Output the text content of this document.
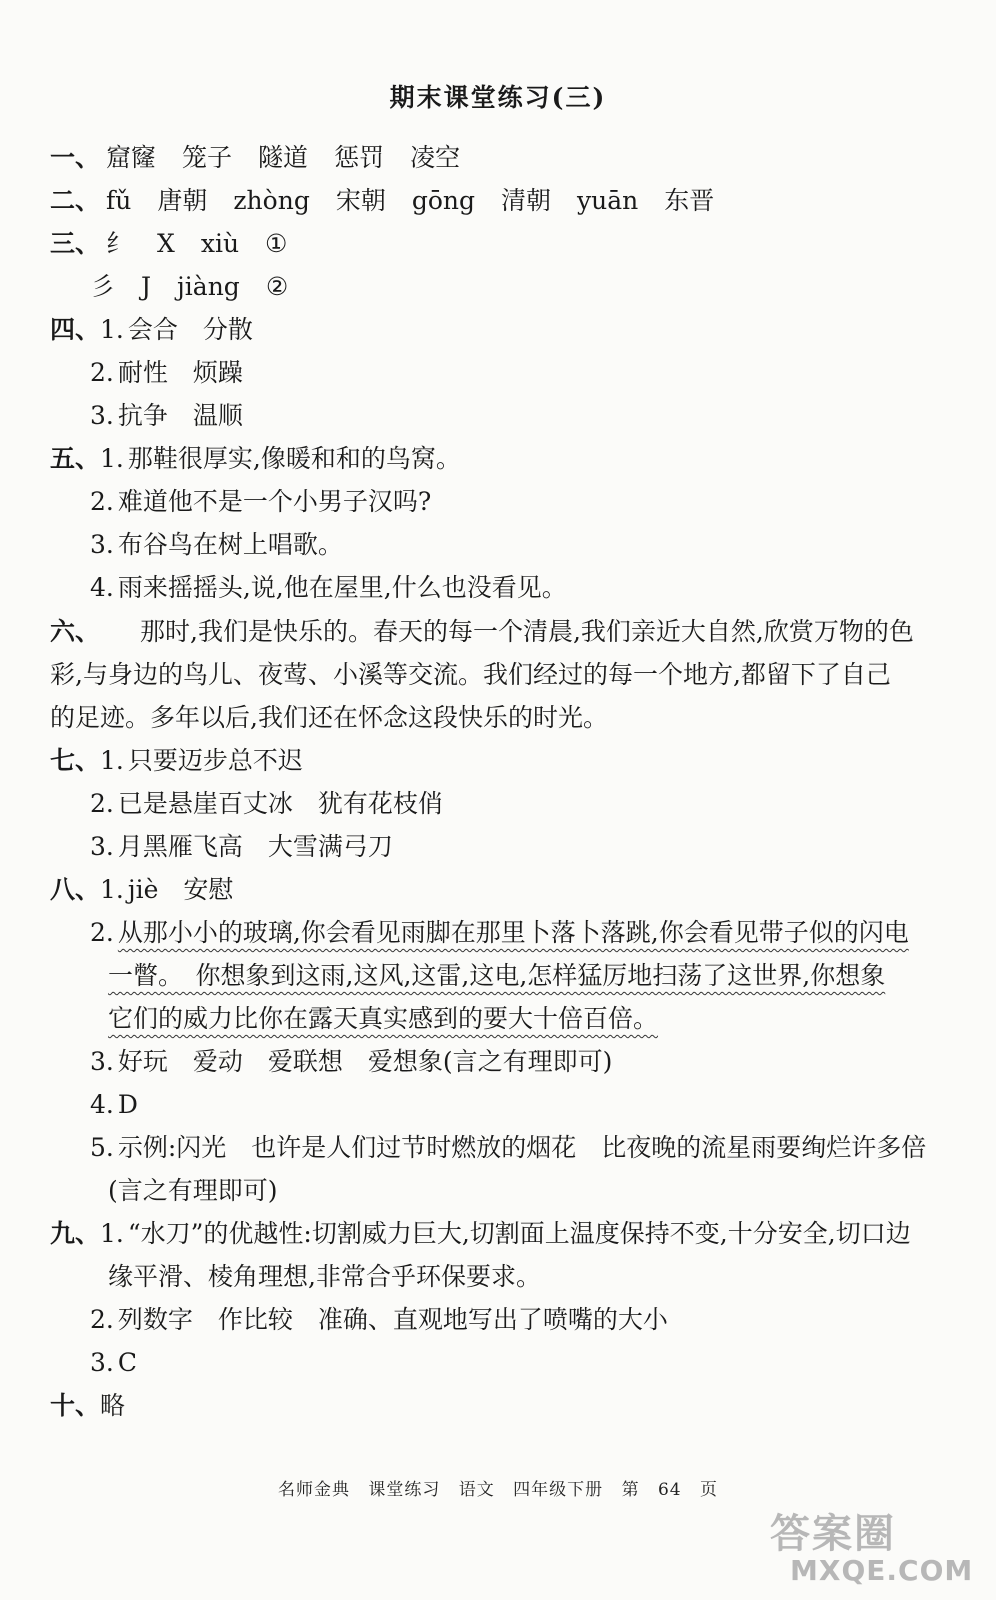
期末课堂练习(三)
一、 窟窿 笼子 隧道 惩罚 凌空
二、 fǔ 唐朝 zhòng 宋朝 gōng 清朝 yuān 东晋
三、 纟 X xiù ①
彡 J jiàng ②
四、1. 会合　分散
2. 耐性　烦躁
3. 抗争　温顺
五、1. 那鞋很厚实,像暖和和的鸟窝。
2. 难道他不是一个小男子汉吗?
3. 布谷鸟在树上唱歌。
4. 雨来摇摇头,说,他在屋里,什么也没看见。
六、 那时,我们是快乐的。春天的每一个清晨,我们亲近大自然,欣赏万物的色
彩,与身边的鸟儿、夜莺、小溪等交流。我们经过的每一个地方,都留下了自己
的足迹。多年以后,我们还在怀念这段快乐的时光。
七、1. 只要迈步总不迟
2. 已是悬崖百丈冰　犹有花枝俏
3. 月黑雁飞高　大雪满弓刀
八、1. jiè　安慰
2. 从那小小的玻璃,你会看见雨脚在那里卜落卜落跳,你会看见带子似的闪电
一瞥。　你想象到这雨,这风,这雷,这电,怎样猛厉地扫荡了这世界,你想象
它们的威力比你在露天真实感到的要大十倍百倍。
3. 好玩　爱动　爱联想　爱想象(言之有理即可)
4. D
5. 示例:闪光　也许是人们过节时燃放的烟花　比夜晚的流星雨要绚烂许多倍
(言之有理即可)
九、1. “水刀”的优越性:切割威力巨大,切割面上温度保持不变,十分安全,切口边
缘平滑、棱角理想,非常合乎环保要求。
2. 列数字　作比较　准确、直观地写出了喷嘴的大小
3. C
十、略
名师金典 课堂练习 语文 四年级下册 第 64 页
答案圈
MXQE.COM
